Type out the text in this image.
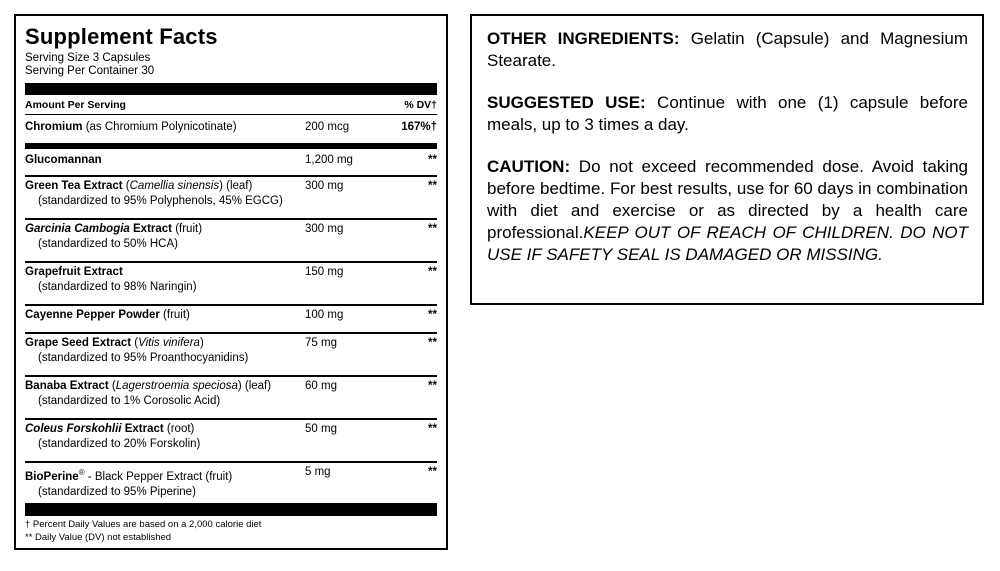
Supplement Facts
Serving Size 3 Capsules
Serving Per Container 30
Amount Per Serving	% DV†
Chromium (as Chromium Polynicotinate)	200 mcg	167%†
Glucomannan	1,200 mg	**
Green Tea Extract (Camellia sinensis) (leaf)
(standardized to 95% Polyphenols, 45% EGCG)
300 mg	**
Garcinia Cambogia Extract (fruit)
(standardized to 50% HCA)
300 mg	**
Grapefruit Extract
(standardized to 98% Naringin)
150 mg	**
Cayenne Pepper Powder (fruit)	100 mg	**
Grape Seed Extract (Vitis vinifera)
(standardized to 95% Proanthocyanidins)
75 mg	**
Banaba Extract (Lagerstroemia speciosa) (leaf)
(standardized to 1% Corosolic Acid)
60 mg	**
Coleus Forskohlii Extract (root)
(standardized to 20% Forskolin)
50 mg	**
BioPerine® - Black Pepper Extract (fruit)
(standardized to 95% Piperine)
5 mg	**
† Percent Daily Values are based on a 2,000 calorie diet
** Daily Value (DV) not established

OTHER INGREDIENTS: Gelatin (Capsule) and Magnesium Stearate.

SUGGESTED USE: Continue with one (1) capsule before meals, up to 3 times a day.

CAUTION: Do not exceed recommended dose. Avoid taking before bedtime. For best results, use for 60 days in combination with diet and exercise or as directed by a health care professional.KEEP OUT OF REACH OF CHILDREN. DO NOT USE IF SAFETY SEAL IS DAMAGED OR MISSING.
